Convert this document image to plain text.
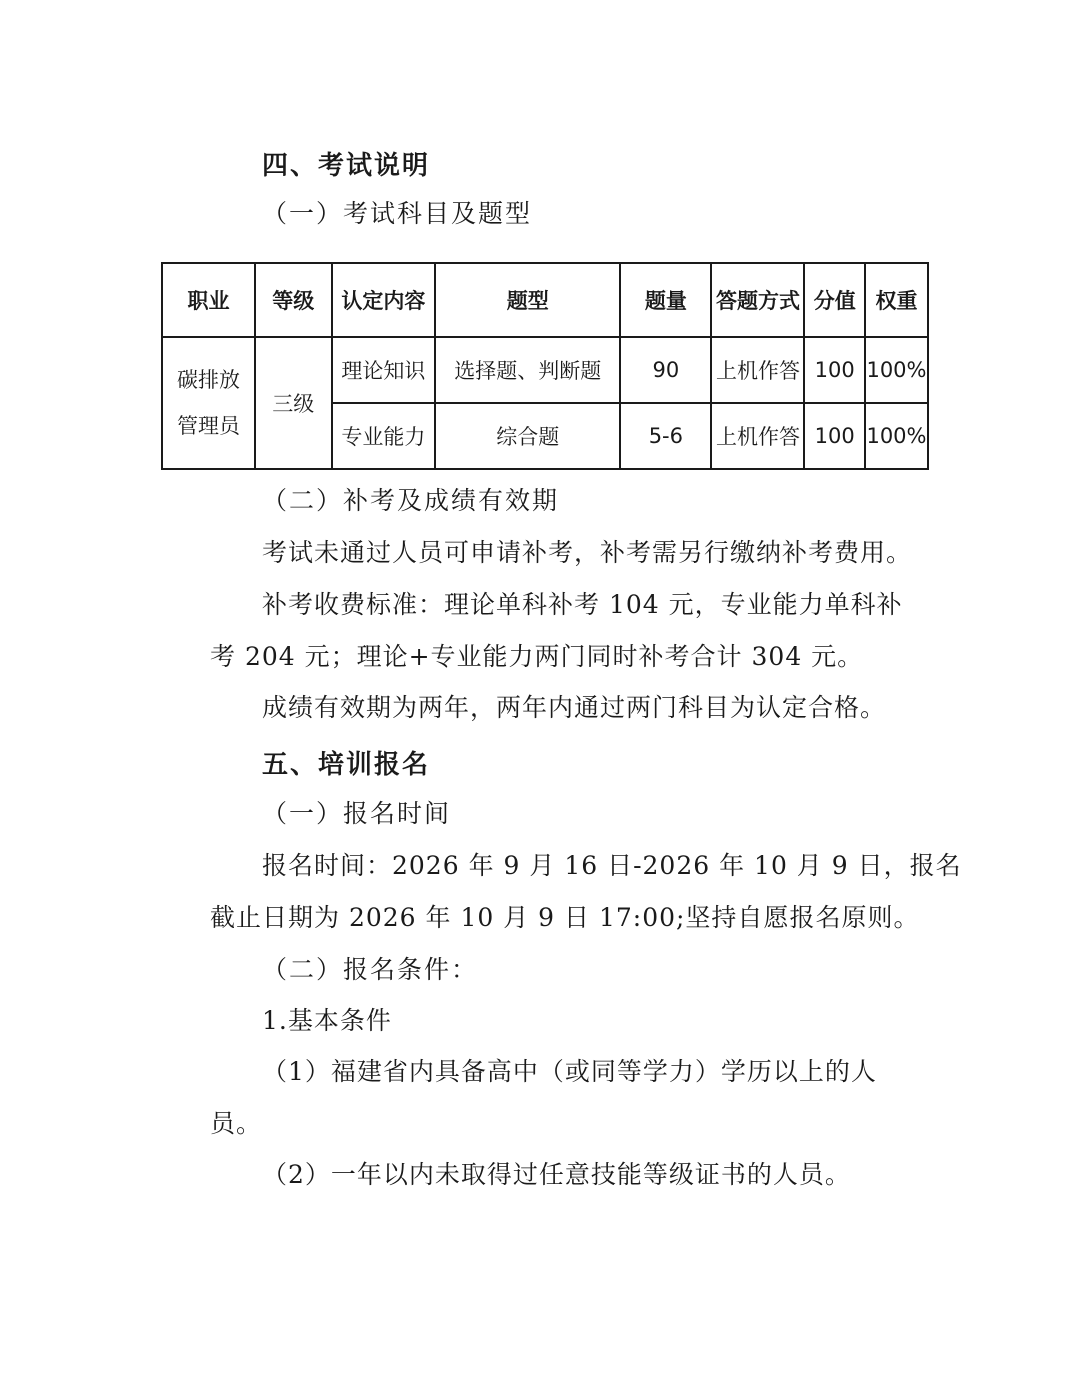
四、考试说明
（一）考试科目及题型
职业	等级	认定内容	题型	题量	答题方式	分值	权重

碳排放
管理员	三级	理论知识	选择题、判断题	90	上机作答	100	100%
		专业能力	综合题	5-6	上机作答	100	100%
（二）补考及成绩有效期
考试未通过人员可申请补考，补考需另行缴纳补考费用。
补考收费标准：理论单科补考 104 元，专业能力单科补
考 204 元；理论+专业能力两门同时补考合计 304 元。
成绩有效期为两年，两年内通过两门科目为认定合格。
五、培训报名
（一）报名时间
报名时间：2026 年 9 月 16 日-2026 年 10 月 9 日，报名
截止日期为 2026 年 10 月 9 日 17:00;坚持自愿报名原则。
（二）报名条件：
1.基本条件
（1）福建省内具备高中（或同等学力）学历以上的人
员。
（2）一年以内未取得过任意技能等级证书的人员。
